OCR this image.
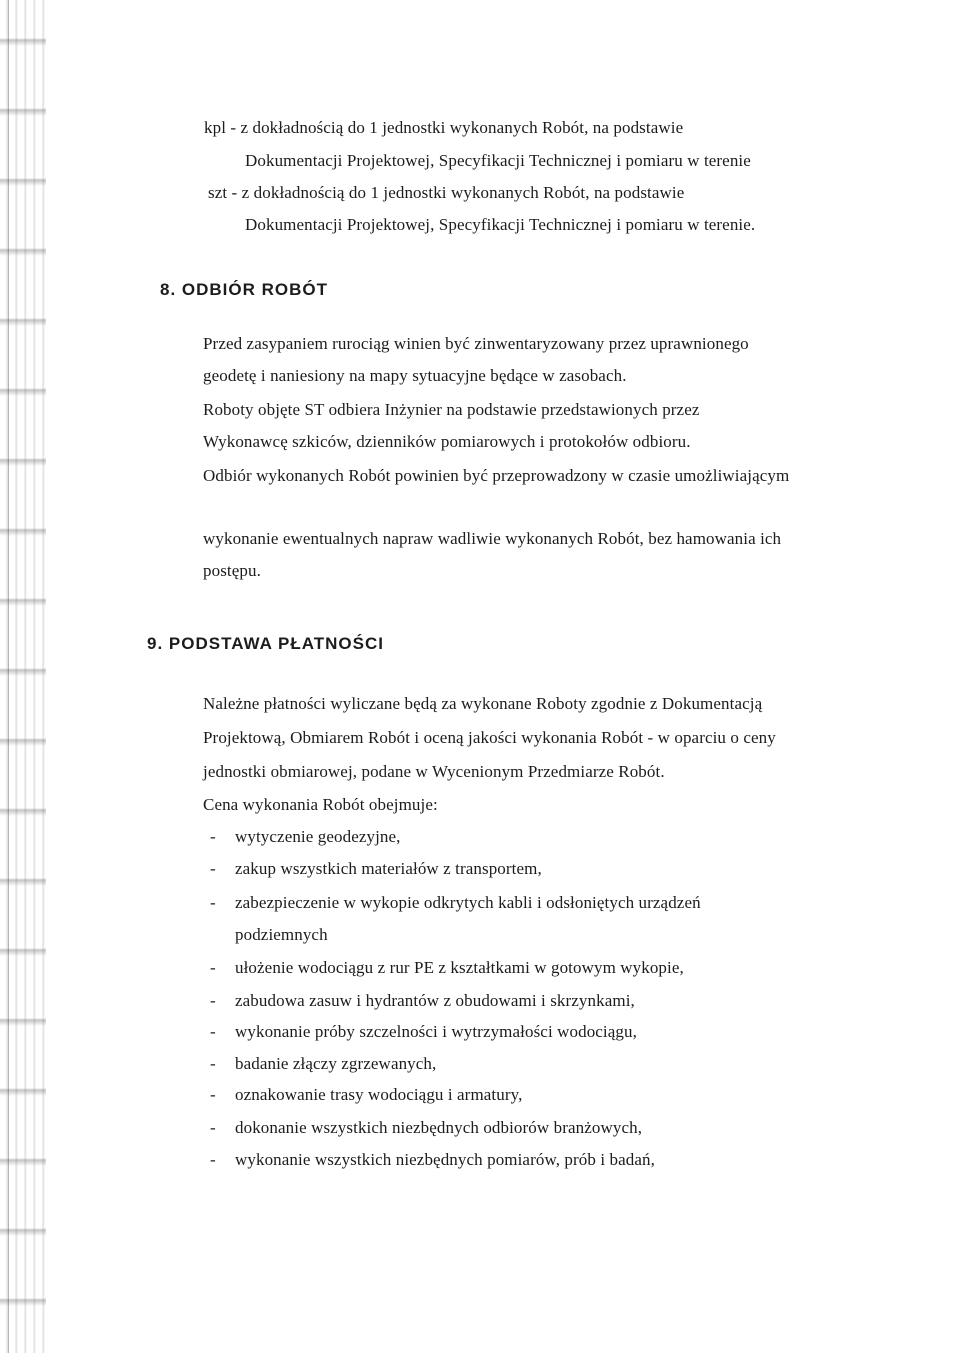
kpl - z dokładnością do 1 jednostki wykonanych Robót, na podstawie
Dokumentacji Projektowej, Specyfikacji Technicznej i pomiaru w terenie
szt - z dokładnością do 1 jednostki wykonanych Robót, na podstawie
Dokumentacji Projektowej, Specyfikacji Technicznej i pomiaru w terenie.
8. ODBIÓR ROBÓT
Przed zasypaniem rurociąg winien być zinwentaryzowany przez uprawnionego
geodetę i naniesiony na mapy sytuacyjne będące w zasobach.
Roboty objęte ST odbiera Inżynier na podstawie przedstawionych przez
Wykonawcę szkiców, dzienników pomiarowych i protokołów odbioru.
Odbiór wykonanych Robót powinien być przeprowadzony w czasie umożliwiającym
wykonanie ewentualnych napraw wadliwie wykonanych Robót, bez hamowania ich
postępu.
9. PODSTAWA PŁATNOŚCI
Należne płatności wyliczane będą za wykonane Roboty zgodnie z Dokumentacją
Projektową, Obmiarem Robót i oceną jakości wykonania Robót - w oparciu o ceny
jednostki obmiarowej, podane w Wycenionym Przedmiarze Robót.
Cena wykonania Robót obejmuje:
- wytyczenie geodezyjne,
- zakup wszystkich materiałów z transportem,
- zabezpieczenie w wykopie odkrytych kabli i odsłoniętych urządzeń
podziemnych
- ułożenie wodociągu z rur PE z kształtkami w gotowym wykopie,
- zabudowa zasuw i hydrantów z obudowami i skrzynkami,
- wykonanie próby szczelności i wytrzymałości wodociągu,
- badanie złączy zgrzewanych,
- oznakowanie trasy wodociągu i armatury,
- dokonanie wszystkich niezbędnych odbiorów branżowych,
- wykonanie wszystkich niezbędnych pomiarów, prób i badań,
